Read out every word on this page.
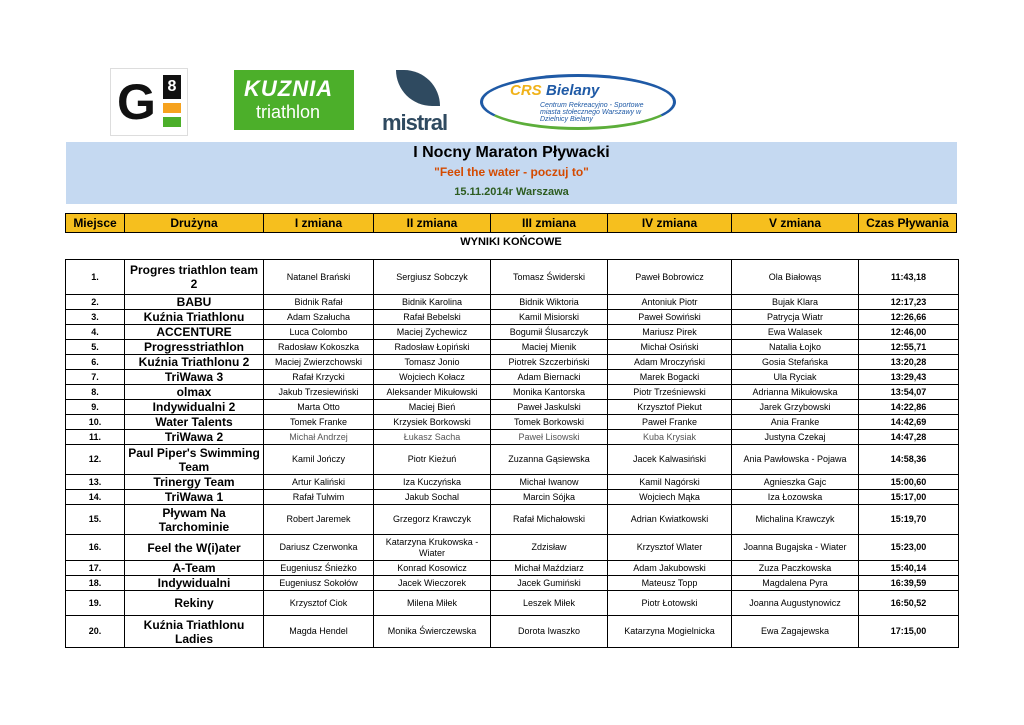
G 8	KUZNIA
triathlon	mistral
CRS Bielany
Centrum Rekreacyjno - Sportowe miasta stołecznego Warszawy w Dzielnicy Bielany
I Nocny Maraton Pływacki
"Feel the water - poczuj to"
15.11.2014r Warszawa
Miejsce	Drużyna	I zmiana	II zmiana	III zmiana	IV zmiana	V zmiana	Czas Pływania
WYNIKI KOŃCOWE
1.	Progres triathlon team 2	Natanel Brański	Sergiusz Sobczyk	Tomasz Świderski	Paweł Bobrowicz	Ola Białowąs	11:43,18
2.	BABU	Bidnik Rafał	Bidnik Karolina	Bidnik Wiktoria	Antoniuk Piotr	Bujak Klara	12:17,23
3.	Kuźnia Triathlonu	Adam Szałucha	Rafał Bebelski	Kamil Misiorski	Paweł Sowiński	Patrycja Wiatr	12:26,66
4.	ACCENTURE	Luca Colombo	Maciej Zychewicz	Bogumił Ślusarczyk	Mariusz Pirek	Ewa Walasek	12:46,00
5.	Progresstriathlon	Radosław Kokoszka	Radosław Łopiński	Maciej Mienik	Michał Osiński	Natalia Łojko	12:55,71
6.	Kuźnia Triathlonu 2	Maciej Zwierzchowski	Tomasz Jonio	Piotrek Szczerbiński	Adam Mroczyński	Gosia Stefańska	13:20,28
7.	TriWawa 3	Rafał Krzycki	Wojciech Kołacz	Adam Biernacki	Marek Bogacki	Ula Ryciak	13:29,43
8.	olmax	Jakub Trzesiewiński	Aleksander Mikułowski	Monika Kantorska	Piotr Trześniewski	Adrianna Mikułowska	13:54,07
9.	Indywidualni 2	Marta Otto	Maciej Bień	Paweł Jaskulski	Krzysztof Piekut	Jarek Grzybowski	14:22,86
10.	Water Talents	Tomek Franke	Krzysiek Borkowski	Tomek Borkowski	Paweł Franke	Ania Franke	14:42,69
11.	TriWawa 2	Michał Andrzej	Łukasz Sacha	Paweł Lisowski	Kuba Krysiak	Justyna Czekaj	14:47,28
12.	Paul Piper's Swimming Team	Kamil Jończy	Piotr Kieżuń	Zuzanna Gąsiewska	Jacek Kalwasiński	Ania Pawłowska - Pojawa	14:58,36
13.	Trinergy Team	Artur Kaliński	Iza Kuczyńska	Michał Iwanow	Kamil Nagórski	Agnieszka Gajc	15:00,60
14.	TriWawa 1	Rafał Tulwim	Jakub Sochal	Marcin Sójka	Wojciech Mąka	Iza Łozowska	15:17,00
15.	Pływam Na Tarchominie	Robert Jaremek	Grzegorz Krawczyk	Rafał Michałowski	Adrian Kwiatkowski	Michalina Krawczyk	15:19,70
16.	Feel the W(i)ater	Dariusz Czerwonka	Katarzyna Krukowska - Wiater	Zdzisław	Krzysztof Wlater	Joanna Bugajska - Wiater	15:23,00
17.	A-Team	Eugeniusz Śnieżko	Konrad Kosowicz	Michał Maździarz	Adam Jakubowski	Zuza Paczkowska	15:40,14
18.	Indywidualni	Eugeniusz Sokołów	Jacek Wieczorek	Jacek Gumiński	Mateusz Topp	Magdalena Pyra	16:39,59
19.	Rekiny	Krzysztof Ciok	Milena Miłek	Leszek Miłek	Piotr Łotowski	Joanna Augustynowicz	16:50,52
20.	Kuźnia Triathlonu Ladies	Magda Hendel	Monika Świerczewska	Dorota Iwaszko	Katarzyna Mogielnicka	Ewa Zagajewska	17:15,00
